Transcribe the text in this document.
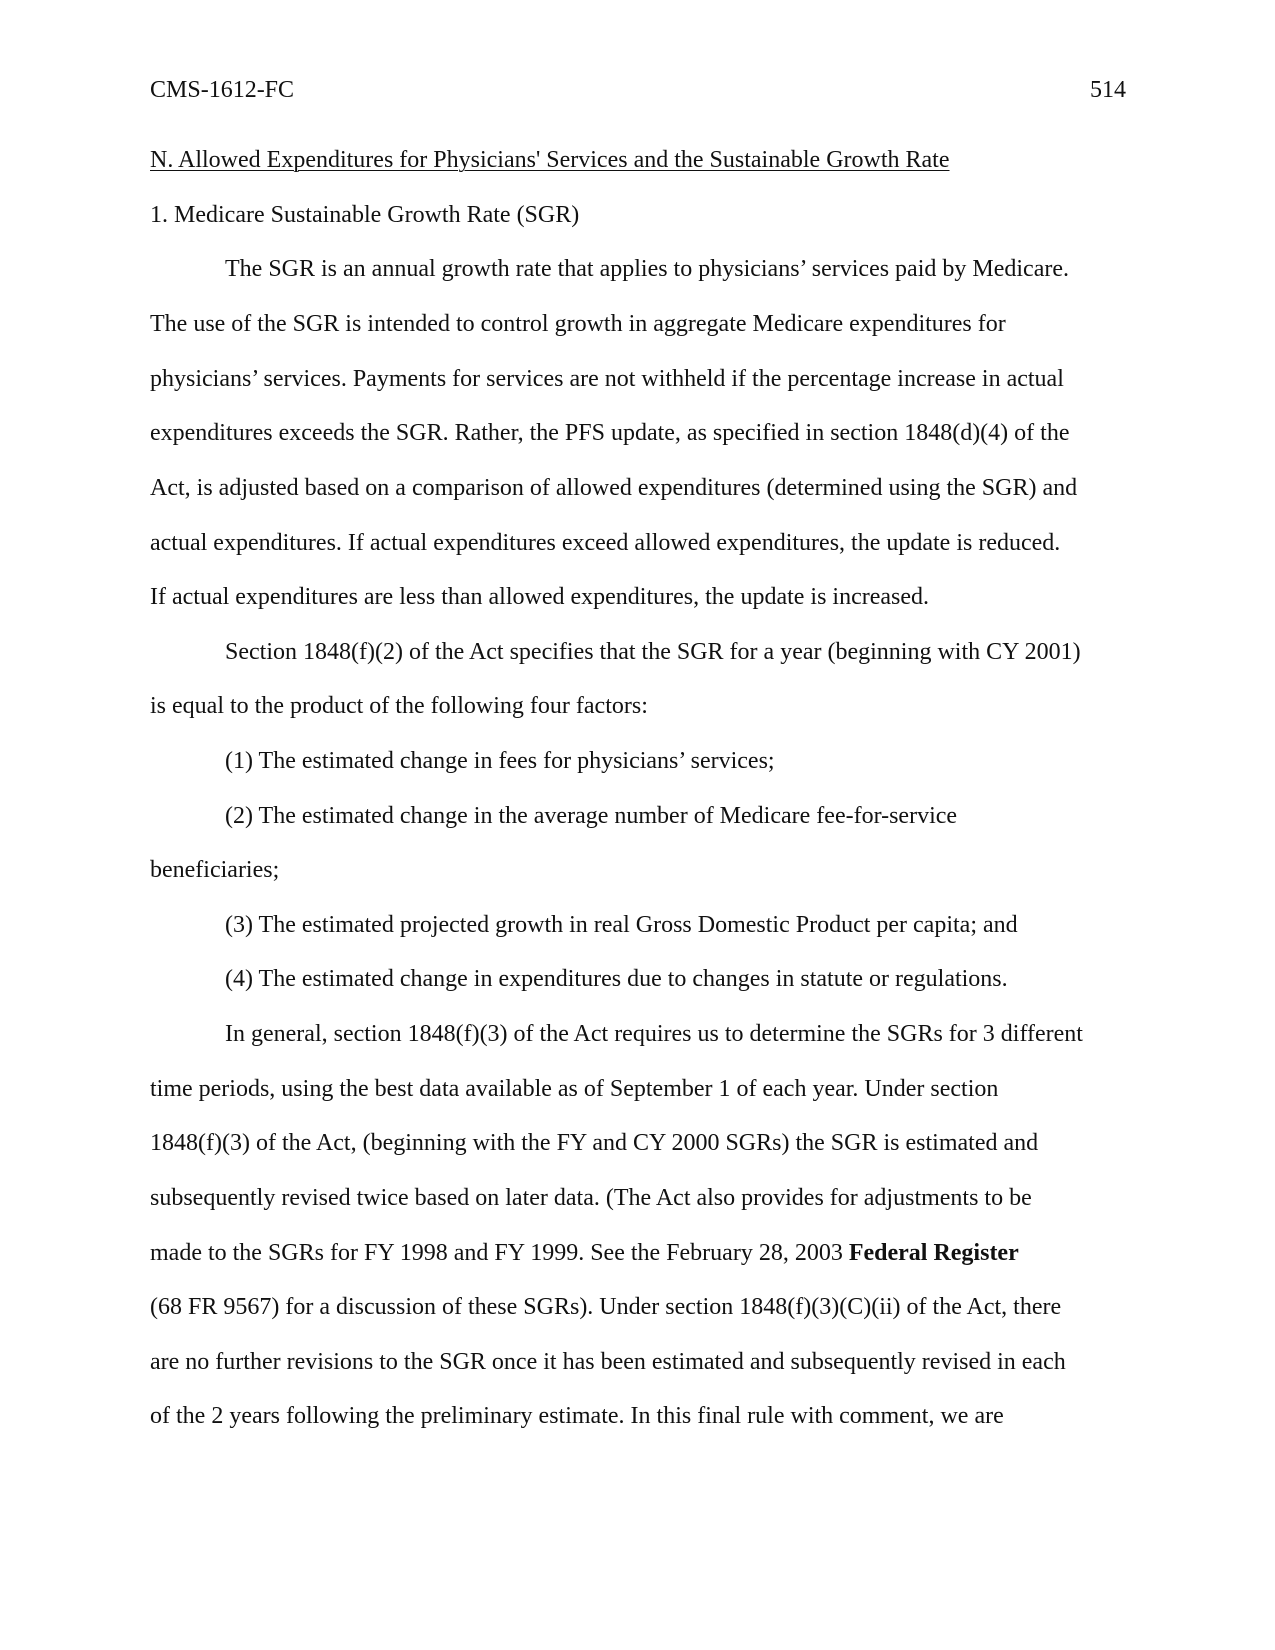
CMS-1612-FC	514
N. Allowed Expenditures for Physicians' Services and the Sustainable Growth Rate
1. Medicare Sustainable Growth Rate (SGR)
The SGR is an annual growth rate that applies to physicians’ services paid by Medicare.
The use of the SGR is intended to control growth in aggregate Medicare expenditures for
physicians’ services. Payments for services are not withheld if the percentage increase in actual
expenditures exceeds the SGR. Rather, the PFS update, as specified in section 1848(d)(4) of the
Act, is adjusted based on a comparison of allowed expenditures (determined using the SGR) and
actual expenditures. If actual expenditures exceed allowed expenditures, the update is reduced.
If actual expenditures are less than allowed expenditures, the update is increased.
Section 1848(f)(2) of the Act specifies that the SGR for a year (beginning with CY 2001)
is equal to the product of the following four factors:
(1) The estimated change in fees for physicians’ services;
(2) The estimated change in the average number of Medicare fee-for-service
beneficiaries;
(3) The estimated projected growth in real Gross Domestic Product per capita; and
(4) The estimated change in expenditures due to changes in statute or regulations.
In general, section 1848(f)(3) of the Act requires us to determine the SGRs for 3 different
time periods, using the best data available as of September 1 of each year. Under section
1848(f)(3) of the Act, (beginning with the FY and CY 2000 SGRs) the SGR is estimated and
subsequently revised twice based on later data. (The Act also provides for adjustments to be
made to the SGRs for FY 1998 and FY 1999. See the February 28, 2003 Federal Register
(68 FR 9567) for a discussion of these SGRs). Under section 1848(f)(3)(C)(ii) of the Act, there
are no further revisions to the SGR once it has been estimated and subsequently revised in each
of the 2 years following the preliminary estimate. In this final rule with comment, we are
